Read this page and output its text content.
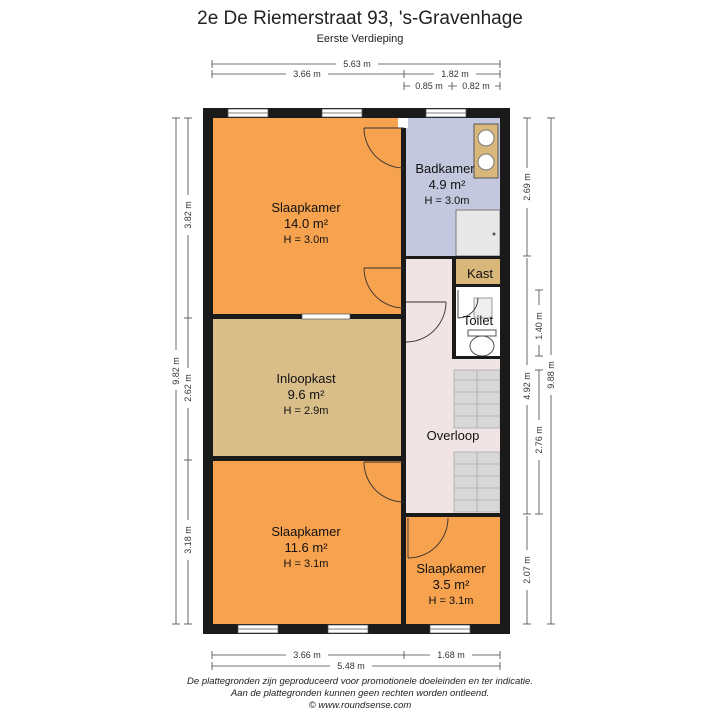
2e De Riemerstraat 93, 's-Gravenhage
Eerste Verdieping
Slaapkamer
14.0 m²
H = 3.0m
Badkamer
4.9 m²
H = 3.0m
Kast
Toilet
Inloopkast
9.6 m²
H = 2.9m
Overloop
Slaapkamer
11.6 m²
H = 3.1m	Slaapkamer
3.5 m²
H = 3.1m
5.63 m
3.66 m	1.82 m
0.85 m 0.82 m
3.66 m	1.68 m
5.48 m
9.82 m
3.82 m
2.62 m
3.18 m
2.69 m
4.92 m
2.07 m
1.40 m
2.76 m
9.88 m
De plattegronden zijn geproduceerd voor promotionele doeleinden en ter indicatie.
Aan de plattegronden kunnen geen rechten worden ontleend.
© www.roundsense.com
